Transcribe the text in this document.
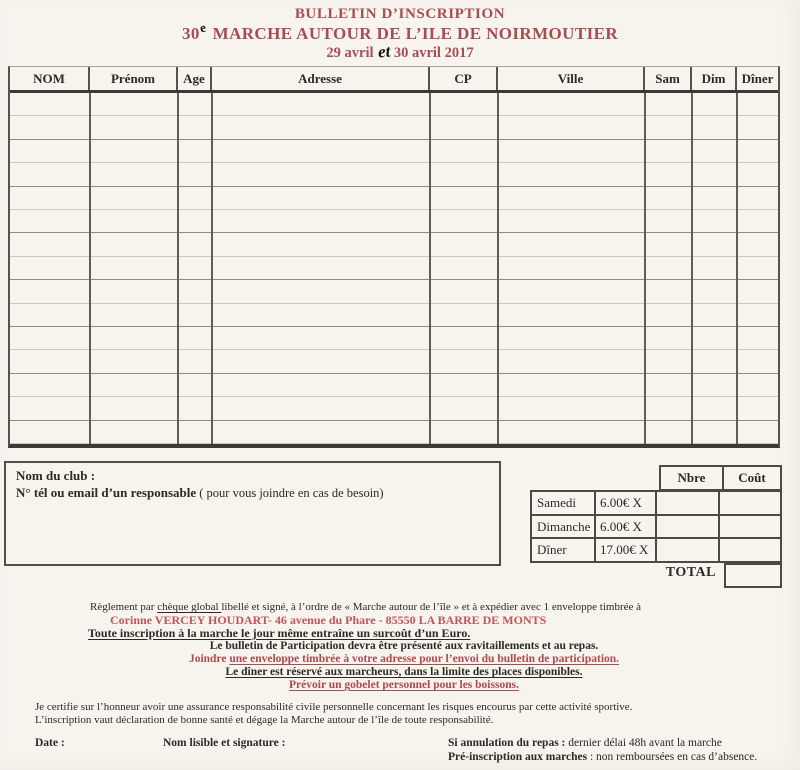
BULLETIN D’INSCRIPTION
30e MARCHE AUTOUR DE L’ILE DE NOIRMOUTIER
29 avril et 30 avril 2017
NOM	Prénom	Age	Adresse	CP	Ville	Sam	Dim	Dîner
Nom du club :
N° tél ou email d’un responsable ( pour vous joindre en cas de besoin)
Nbre	Coût
Samedi	6.00€ X
Dimanche 6.00€ X
Dîner	17.00€ X
TOTAL
Règlement par chèque global libellé et signé, à l’ordre de « Marche autour de l’île » et à expédier avec 1 enveloppe timbrée à
Corinne VERCEY HOUDART- 46 avenue du Phare - 85550 LA BARRE DE MONTS
Toute inscription à la marche le jour même entraîne un surcoût d’un Euro.
Le bulletin de Participation devra être présenté aux ravitaillements et au repas.
Joindre une enveloppe timbrée à votre adresse pour l’envoi du bulletin de participation.
Le dîner est réservé aux marcheurs, dans la limite des places disponibles.
Prévoir un gobelet personnel pour les boissons.
Je certifie sur l’honneur avoir une assurance responsabilité civile personnelle concernant les risques encourus par cette activité sportive.
L’inscription vaut déclaration de bonne santé et dégage la Marche autour de l’île de toute responsabilité.
Date :	Nom lisible et signature :	Si annulation du repas : dernier délai 48h avant la marche
Pré-inscription aux marches : non remboursées en cas d’absence.
